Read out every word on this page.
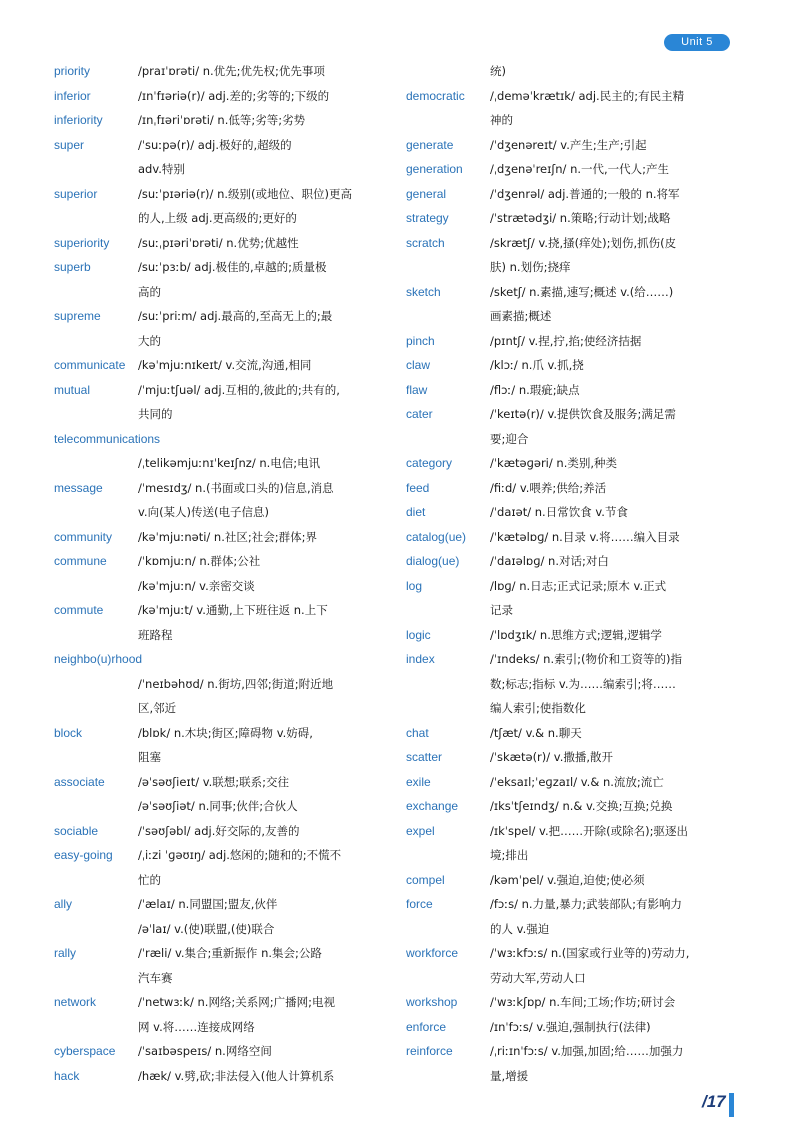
Unit 5
priority	/praɪˈɒrəti/ n.优先;优先权;优先事项
inferior	/ɪnˈfɪəriə(r)/ adj.差的;劣等的;下级的
inferiority	/ɪnˌfɪəriˈɒrəti/ n.低等;劣等;劣势
super	/ˈsuːpə(r)/ adj.极好的,超级的
adv.特别
superior	/suːˈpɪəriə(r)/ n.级别(或地位、职位)更高
的人,上级 adj.更高级的;更好的
superiority	/suːˌpɪəriˈɒrəti/ n.优势;优越性
superb	/suːˈpɜːb/ adj.极佳的,卓越的;质量极
高的
supreme	/suːˈpriːm/ adj.最高的,至高无上的;最
大的
communicate	/kəˈmjuːnɪkeɪt/ v.交流,沟通,相同
mutual	/ˈmjuːtʃuəl/ adj.互相的,彼此的;共有的,
共同的
telecommunications
/ˌtelikəmjuːnɪˈkeɪʃnz/ n.电信;电讯
message	/ˈmesɪdʒ/ n.(书面或口头的)信息,消息
v.向(某人)传送(电子信息)
community	/kəˈmjuːnəti/ n.社区;社会;群体;界
commune	/ˈkɒmjuːn/ n.群体;公社
/kəˈmjuːn/ v.亲密交谈
commute	/kəˈmjuːt/ v.通勤,上下班往返 n.上下
班路程
neighbo(u)rhood
/ˈneɪbəhʊd/ n.街坊,四邻;街道;附近地
区,邻近
block	/blɒk/ n.木块;街区;障碍物 v.妨碍,
阻塞
associate	/əˈsəʊʃieɪt/ v.联想;联系;交往
/əˈsəʊʃiət/ n.同事;伙伴;合伙人
sociable	/ˈsəʊʃəbl/ adj.好交际的,友善的
easy-going	/ˌiːzi ˈɡəʊɪŋ/ adj.悠闲的;随和的;不慌不
忙的
ally	/ˈælaɪ/ n.同盟国;盟友,伙伴
/əˈlaɪ/ v.(使)联盟,(使)联合
rally	/ˈræli/ v.集合;重新振作 n.集会;公路
汽车赛
network	/ˈnetwɜːk/ n.网络;关系网;广播网;电视
网 v.将……连接成网络
cyberspace	/ˈsaɪbəspeɪs/ n.网络空间
hack	/hæk/ v.劈,砍;非法侵入(他人计算机系
统)
democratic	/ˌdeməˈkrætɪk/ adj.民主的;有民主精
神的
generate	/ˈdʒenəreɪt/ v.产生;生产;引起
generation	/ˌdʒenəˈreɪʃn/ n.一代,一代人;产生
general	/ˈdʒenrəl/ adj.普通的;一般的 n.将军
strategy	/ˈstrætədʒi/ n.策略;行动计划;战略
scratch	/skrætʃ/ v.挠,搔(痒处);划伤,抓伤(皮
肤) n.划伤;挠痒
sketch	/sketʃ/ n.素描,速写;概述 v.(给……)
画素描;概述
pinch	/pɪntʃ/ v.捏,拧,掐;使经济拮据
claw	/klɔː/ n.爪 v.抓,挠
flaw	/flɔː/ n.瑕疵;缺点
cater	/ˈkeɪtə(r)/ v.提供饮食及服务;满足需
要;迎合
category	/ˈkætəɡəri/ n.类别,种类
feed	/fiːd/ v.喂养;供给;养活
diet	/ˈdaɪət/ n.日常饮食 v.节食
catalog(ue)	/ˈkætəlɒɡ/ n.目录 v.将……编入目录
dialog(ue)	/ˈdaɪəlɒɡ/ n.对话;对白
log	/lɒɡ/ n.日志;正式记录;原木 v.正式
记录
logic	/ˈlɒdʒɪk/ n.思维方式;逻辑,逻辑学
index	/ˈɪndeks/ n.索引;(物价和工资等的)指
数;标志;指标 v.为……编索引;将……
编人索引;使指数化
chat	/tʃæt/ v.& n.聊天
scatter	/ˈskætə(r)/ v.撒播,散开
exile	/ˈeksaɪl;ˈeɡzaɪl/ v.& n.流放;流亡
exchange	/ɪksˈtʃeɪndʒ/ n.& v.交换;互换;兑换
expel	/ɪkˈspel/ v.把……开除(或除名);驱逐出
境;排出
compel	/kəmˈpel/ v.强迫,迫使;使必须
force	/fɔːs/ n.力量,暴力;武装部队;有影响力
的人 v.强迫
workforce	/ˈwɜːkfɔːs/ n.(国家或行业等的)劳动力,
劳动大军,劳动人口
workshop	/ˈwɜːkʃɒp/ n.车间;工场;作坊;研讨会
enforce	/ɪnˈfɔːs/ v.强迫,强制执行(法律)
reinforce	/ˌriːɪnˈfɔːs/ v.加强,加固;给……加强力
量,增援
/17
